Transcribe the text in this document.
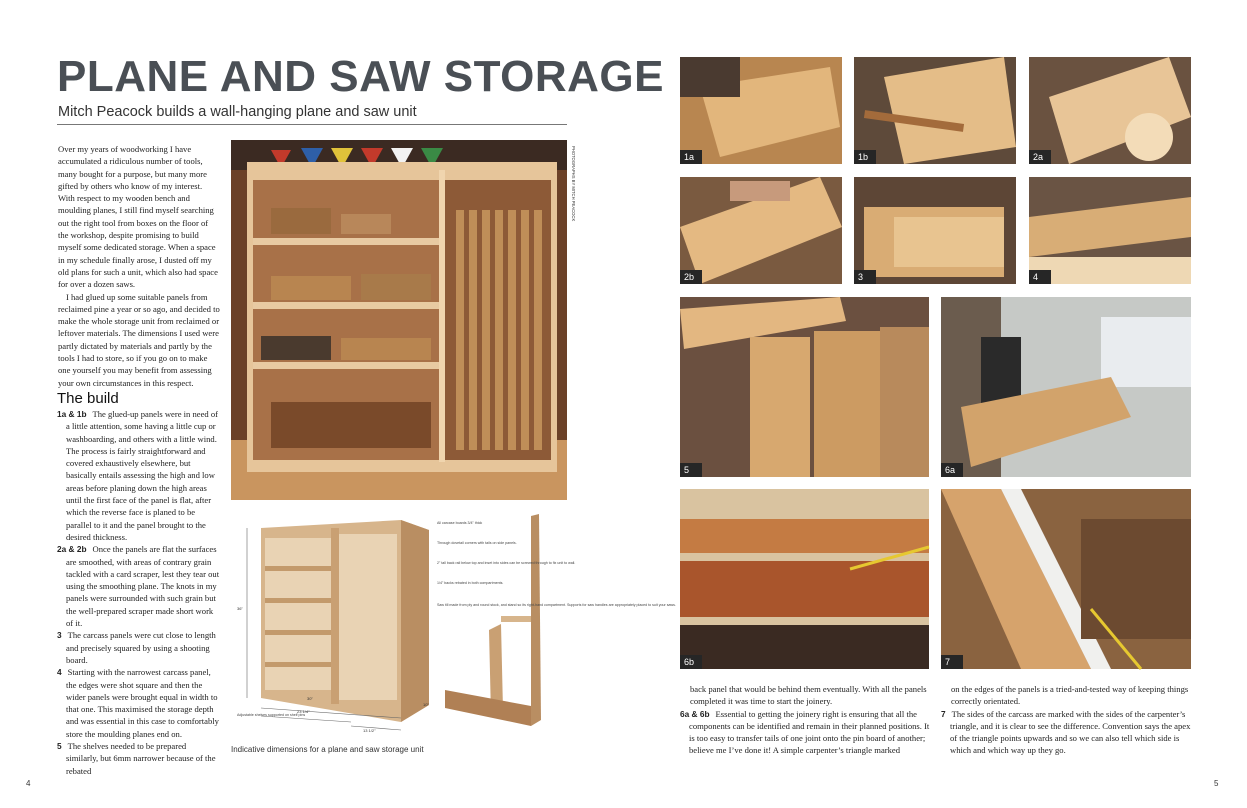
PLANE AND SAW STORAGE
Mitch Peacock builds a wall-hanging plane and saw unit

Over my years of woodworking I have accumulated a ridiculous number of tools, many bought for a purpose, but many more gifted by others who know of my interest. With respect to my wooden bench and moulding planes, I still find myself searching out the right tool from boxes on the floor of the workshop, despite promising to build myself some dedicated storage. When a space in my schedule finally arose, I dusted off my old plans for such a unit, which also had space for over a dozen saws.

I had glued up some suitable panels from reclaimed pine a year or so ago, and decided to make the whole storage unit from reclaimed or leftover materials. The dimensions I used were partly dictated by materials and partly by the tools I had to store, so if you go on to make one yourself you may benefit from assessing your own circumstances in this respect.

The build

1a & 1b The glued-up panels were in need of a little attention, some having a little cup or washboarding, and others with a little wind. The process is fairly straightforward and covered exhaustively elsewhere, but basically entails assessing the high and low areas before planing down the high areas until the first face of the panel is flat, after which the reverse face is planed to be parallel to it and the panel brought to the desired thickness.

2a & 2b Once the panels are flat the surfaces are smoothed, with areas of contrary grain tackled with a card scraper, lest they tear out using the smoothing plane. The knots in my panels were surrounded with such grain but the well-prepared scraper made short work of it.

3 The carcass panels were cut close to length and precisely squared by using a shooting board.

4 Starting with the narrowest carcass panel, the edges were shot square and then the wider panels were brought equal in width to that one. This maximised the storage depth and was essential in this case to comfortably store the moulding planes end on.

5 The shelves needed to be prepared similarly, but 6mm narrower because of the rebated

PHOTOGRAPHS BY MITCH PEACOCK
36"
30"
23 1/4"
13 1/2"
10"
Adjustable shelves supported on shelf pins
All carcase boards 3/4" thick
Through dovetail corners with tails on side panels.
2" tall back rail below top and inset into sides can be screwed through to fix unit to wall.
1/4" backs rebated in both compartments.
Saw till made from ply and round stock, and stand so its right-hand compartment. Supports for saw handles are appropriately placed to suit your saws.
Indicative dimensions for a plane and saw storage unit
4	5
1a	1b	2a
2b	3	4
5	6a
6b	7

back panel that would be behind them eventually. With all the panels completed it was time to start the joinery.

6a & 6b Essential to getting the joinery right is ensuring that all the components can be identified and remain in their planned positions. It is too easy to transfer tails of one joint onto the pin board of another; believe me I’ve done it! A simple carpenter’s triangle marked

on the edges of the panels is a tried-and-tested way of keeping things correctly orientated.

7 The sides of the carcass are marked with the sides of the carpenter’s triangle, and it is clear to see the difference. Convention says the apex of the triangle points upwards and so we can also tell which side is which and which way up they go.
